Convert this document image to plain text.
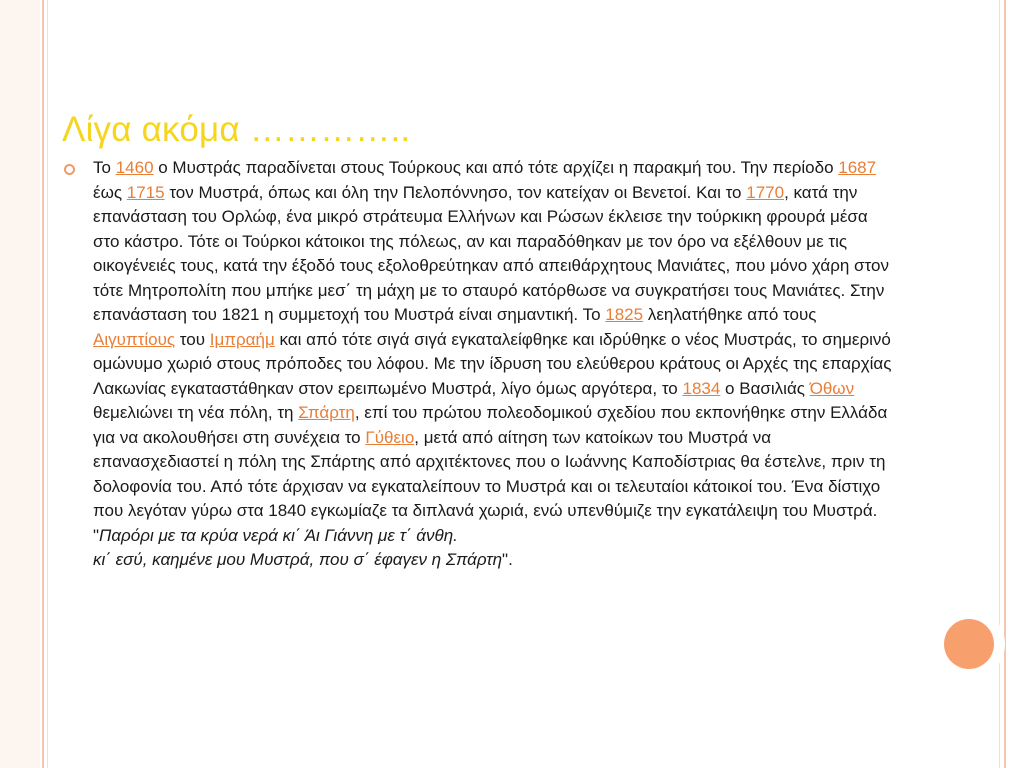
Λίγα ακόμα …………..
Το 1460 ο Μυστράς παραδίνεται στους Τούρκους και από τότε αρχίζει η παρακμή του. Την περίοδο 1687 έως 1715 τον Μυστρά, όπως και όλη την Πελοπόννησο, τον κατείχαν οι Βενετοί. Και το 1770, κατά την επανάσταση του Ορλώφ, ένα μικρό στράτευμα Ελλήνων και Ρώσων έκλεισε την τούρκικη φρουρά μέσα στο κάστρο. Τότε οι Τούρκοι κάτοικοι της πόλεως, αν και παραδόθηκαν με τον όρο να εξέλθουν με τις οικογένειές τους, κατά την έξοδό τους εξολοθρεύτηκαν από απειθάρχητους Μανιάτες, που μόνο χάρη στον τότε Μητροπολίτη που μπήκε μεσ΄ τη μάχη με το σταυρό κατόρθωσε να συγκρατήσει τους Μανιάτες. Στην επανάσταση του 1821 η συμμετοχή του Μυστρά είναι σημαντική. Το 1825 λεηλατήθηκε από τους Αιγυπτίους του Ιμπραήμ και από τότε σιγά σιγά εγκαταλείφθηκε και ιδρύθηκε ο νέος Μυστράς, το σημερινό ομώνυμο χωριό στους πρόποδες του λόφου. Με την ίδρυση του ελεύθερου κράτους οι Αρχές της επαρχίας Λακωνίας εγκαταστάθηκαν στον ερειπωμένο Μυστρά, λίγο όμως αργότερα, το 1834 ο Βασιλιάς Όθων θεμελιώνει τη νέα πόλη, τη Σπάρτη, επί του πρώτου πολεοδομικού σχεδίου που εκπονήθηκε στην Ελλάδα για να ακολουθήσει στη συνέχεια το Γύθειο, μετά από αίτηση των κατοίκων του Μυστρά να επανασχεδιαστεί η πόλη της Σπάρτης από αρχιτέκτονες που ο Ιωάννης Καποδίστριας θα έστελνε, πριν τη δολοφονία του. Από τότε άρχισαν να εγκαταλείπουν το Μυστρά και οι τελευταίοι κάτοικοί του. Ένα δίστιχο που λεγόταν γύρω στα 1840 εγκωμίαζε τα διπλανά χωριά, ενώ υπενθύμιζε την εγκατάλειψη του Μυστρά.
"Παρόρι με τα κρύα νερά κι΄ Άι Γιάννη με τ΄ άνθη.
κι΄ εσύ, καημένε μου Μυστρά, που σ΄ έφαγεν η Σπάρτη".
